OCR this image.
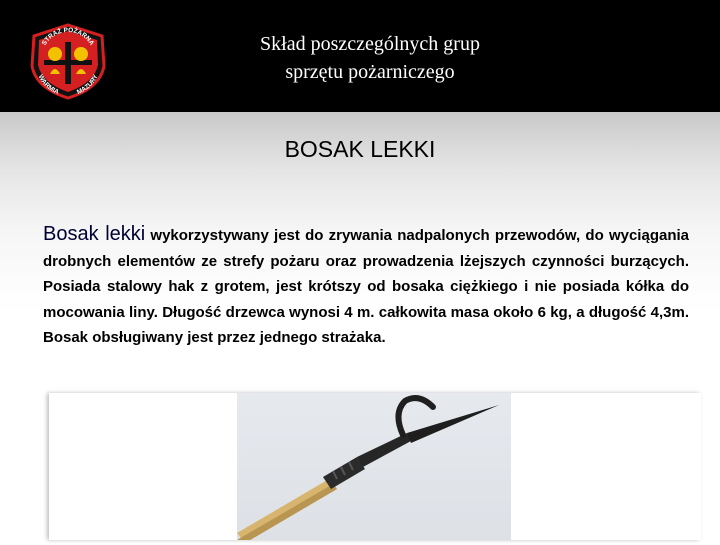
STRAŻ POŻARNA
WARMIA MAZURY
Skład poszczególnych grup
sprzętu pożarniczego
BOSAK LEKKI
Bosak lekki wykorzystywany jest do zrywania nadpalonych przewodów, do wyciągania drobnych elementów ze strefy pożaru oraz prowadzenia lżejszych czynności burzących. Posiada stalowy hak z grotem, jest krótszy od bosaka ciężkiego i nie posiada kółka do mocowania liny. Długość drzewca wynosi 4 m. całkowita masa około 6 kg, a długość 4,3m. Bosak obsługiwany jest przez jednego strażaka.
